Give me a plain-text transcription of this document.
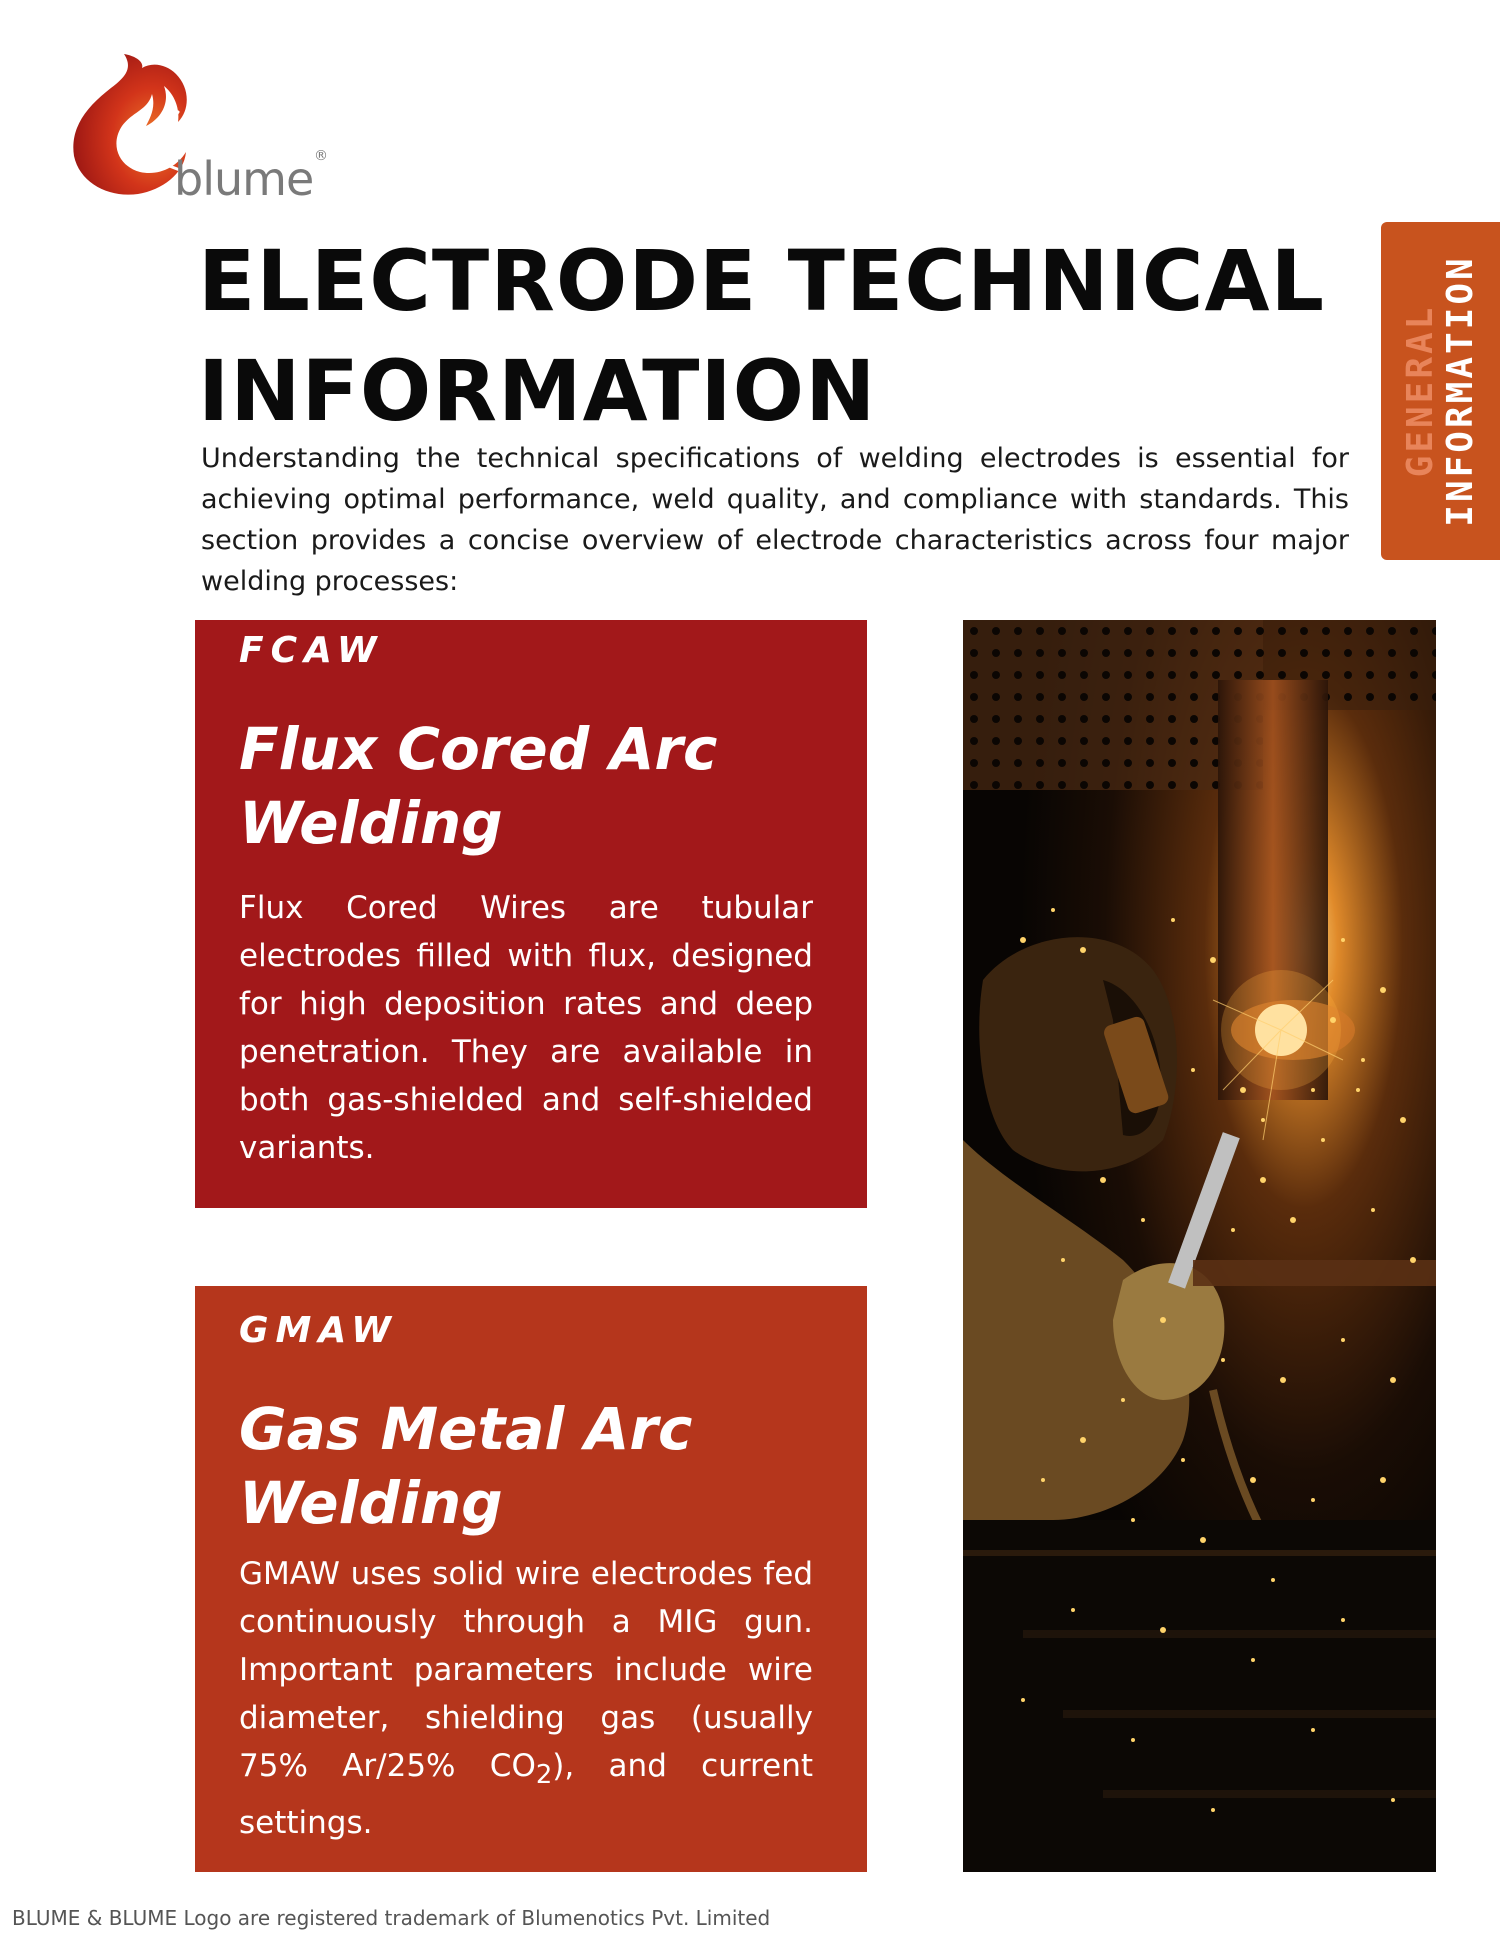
blume ®
GENERAL INFORMATION
ELECTRODE TECHNICAL
INFORMATION

Understanding the technical specifications of welding electrodes is essential for achieving optimal performance, weld quality, and compliance with standards. This section provides a concise overview of electrode characteristics across four major welding processes:

FCAW

Flux Cored Arc Welding

Flux Cored Wires are tubular electrodes filled with flux, designed for high deposition rates and deep penetration. They are available in both gas-shielded and self-shielded variants.

GMAW

Gas Metal Arc Welding

GMAW uses solid wire electrodes fed continuously through a MIG gun. Important parameters include wire diameter, shielding gas (usually 75% Ar/25% $CO_2$), and current settings.

BLUME & BLUME Logo are registered trademark of Blumenotics Pvt. Limited
